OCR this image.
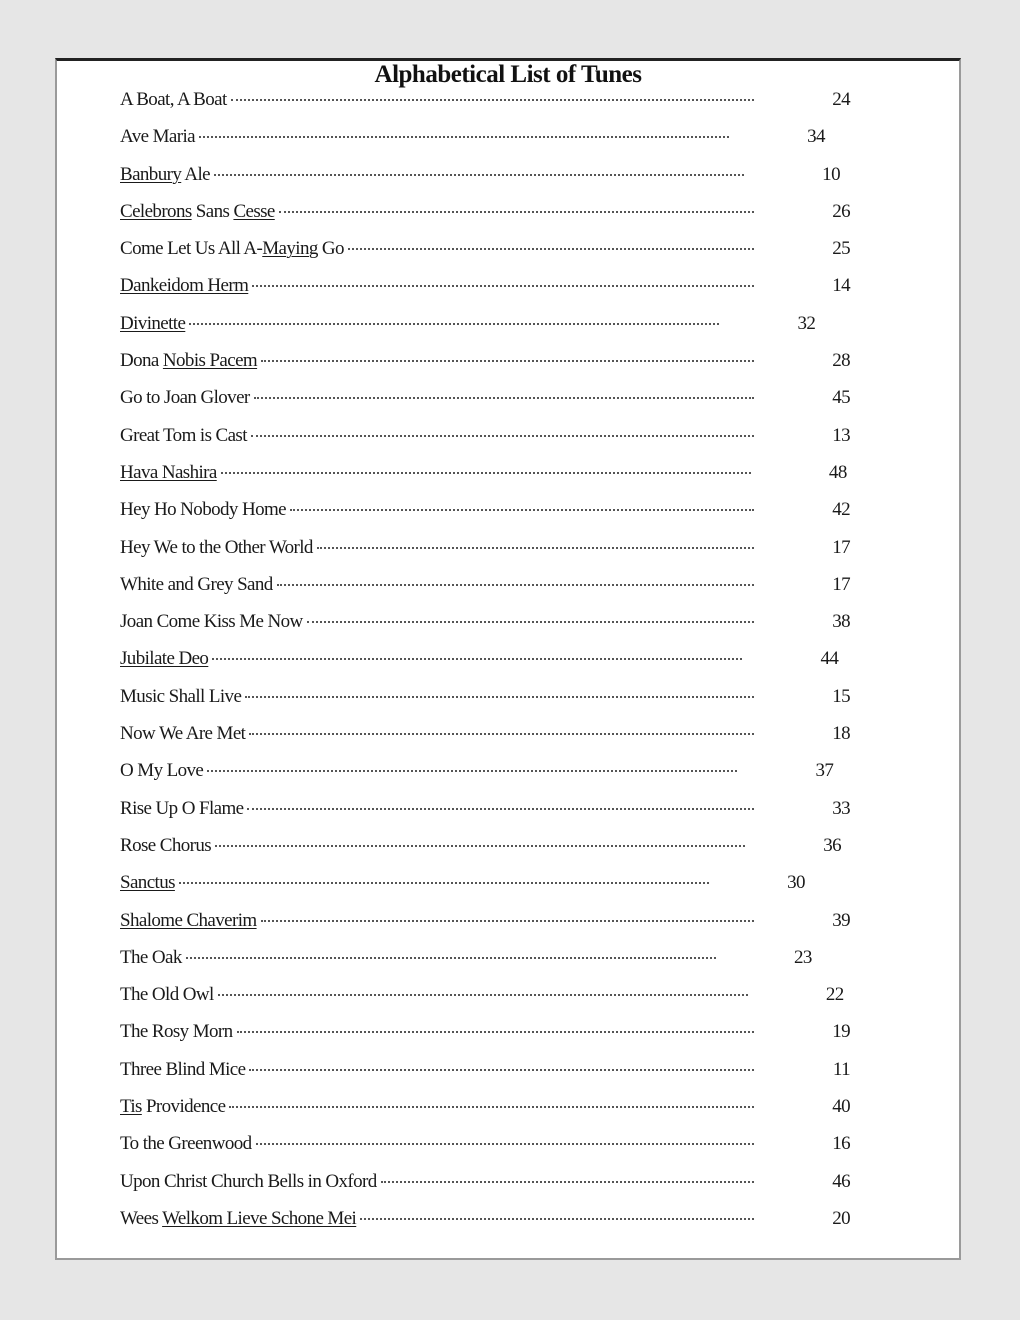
Alphabetical List of Tunes
A Boat, A Boat	24
Ave Maria	34
Banbury Ale	10
Celebrons Sans Cesse	26
Come Let Us All A-Maying Go	25
Dankeidom Herm	14
Divinette	32
Dona Nobis Pacem	28
Go to Joan Glover	45
Great Tom is Cast	13
Hava Nashira	48
Hey Ho Nobody Home	42
Hey We to the Other World	17
White and Grey Sand	17
Joan Come Kiss Me Now	38
Jubilate Deo	44
Music Shall Live	15
Now We Are Met	18
O My Love	37
Rise Up O Flame	33
Rose Chorus	36
Sanctus	30
Shalome Chaverim	39
The Oak	23
The Old Owl	22
The Rosy Morn	19
Three Blind Mice	11
Tis Providence	40
To the Greenwood	16
Upon Christ Church Bells in Oxford	46
Wees Welkom Lieve Schone Mei	20
